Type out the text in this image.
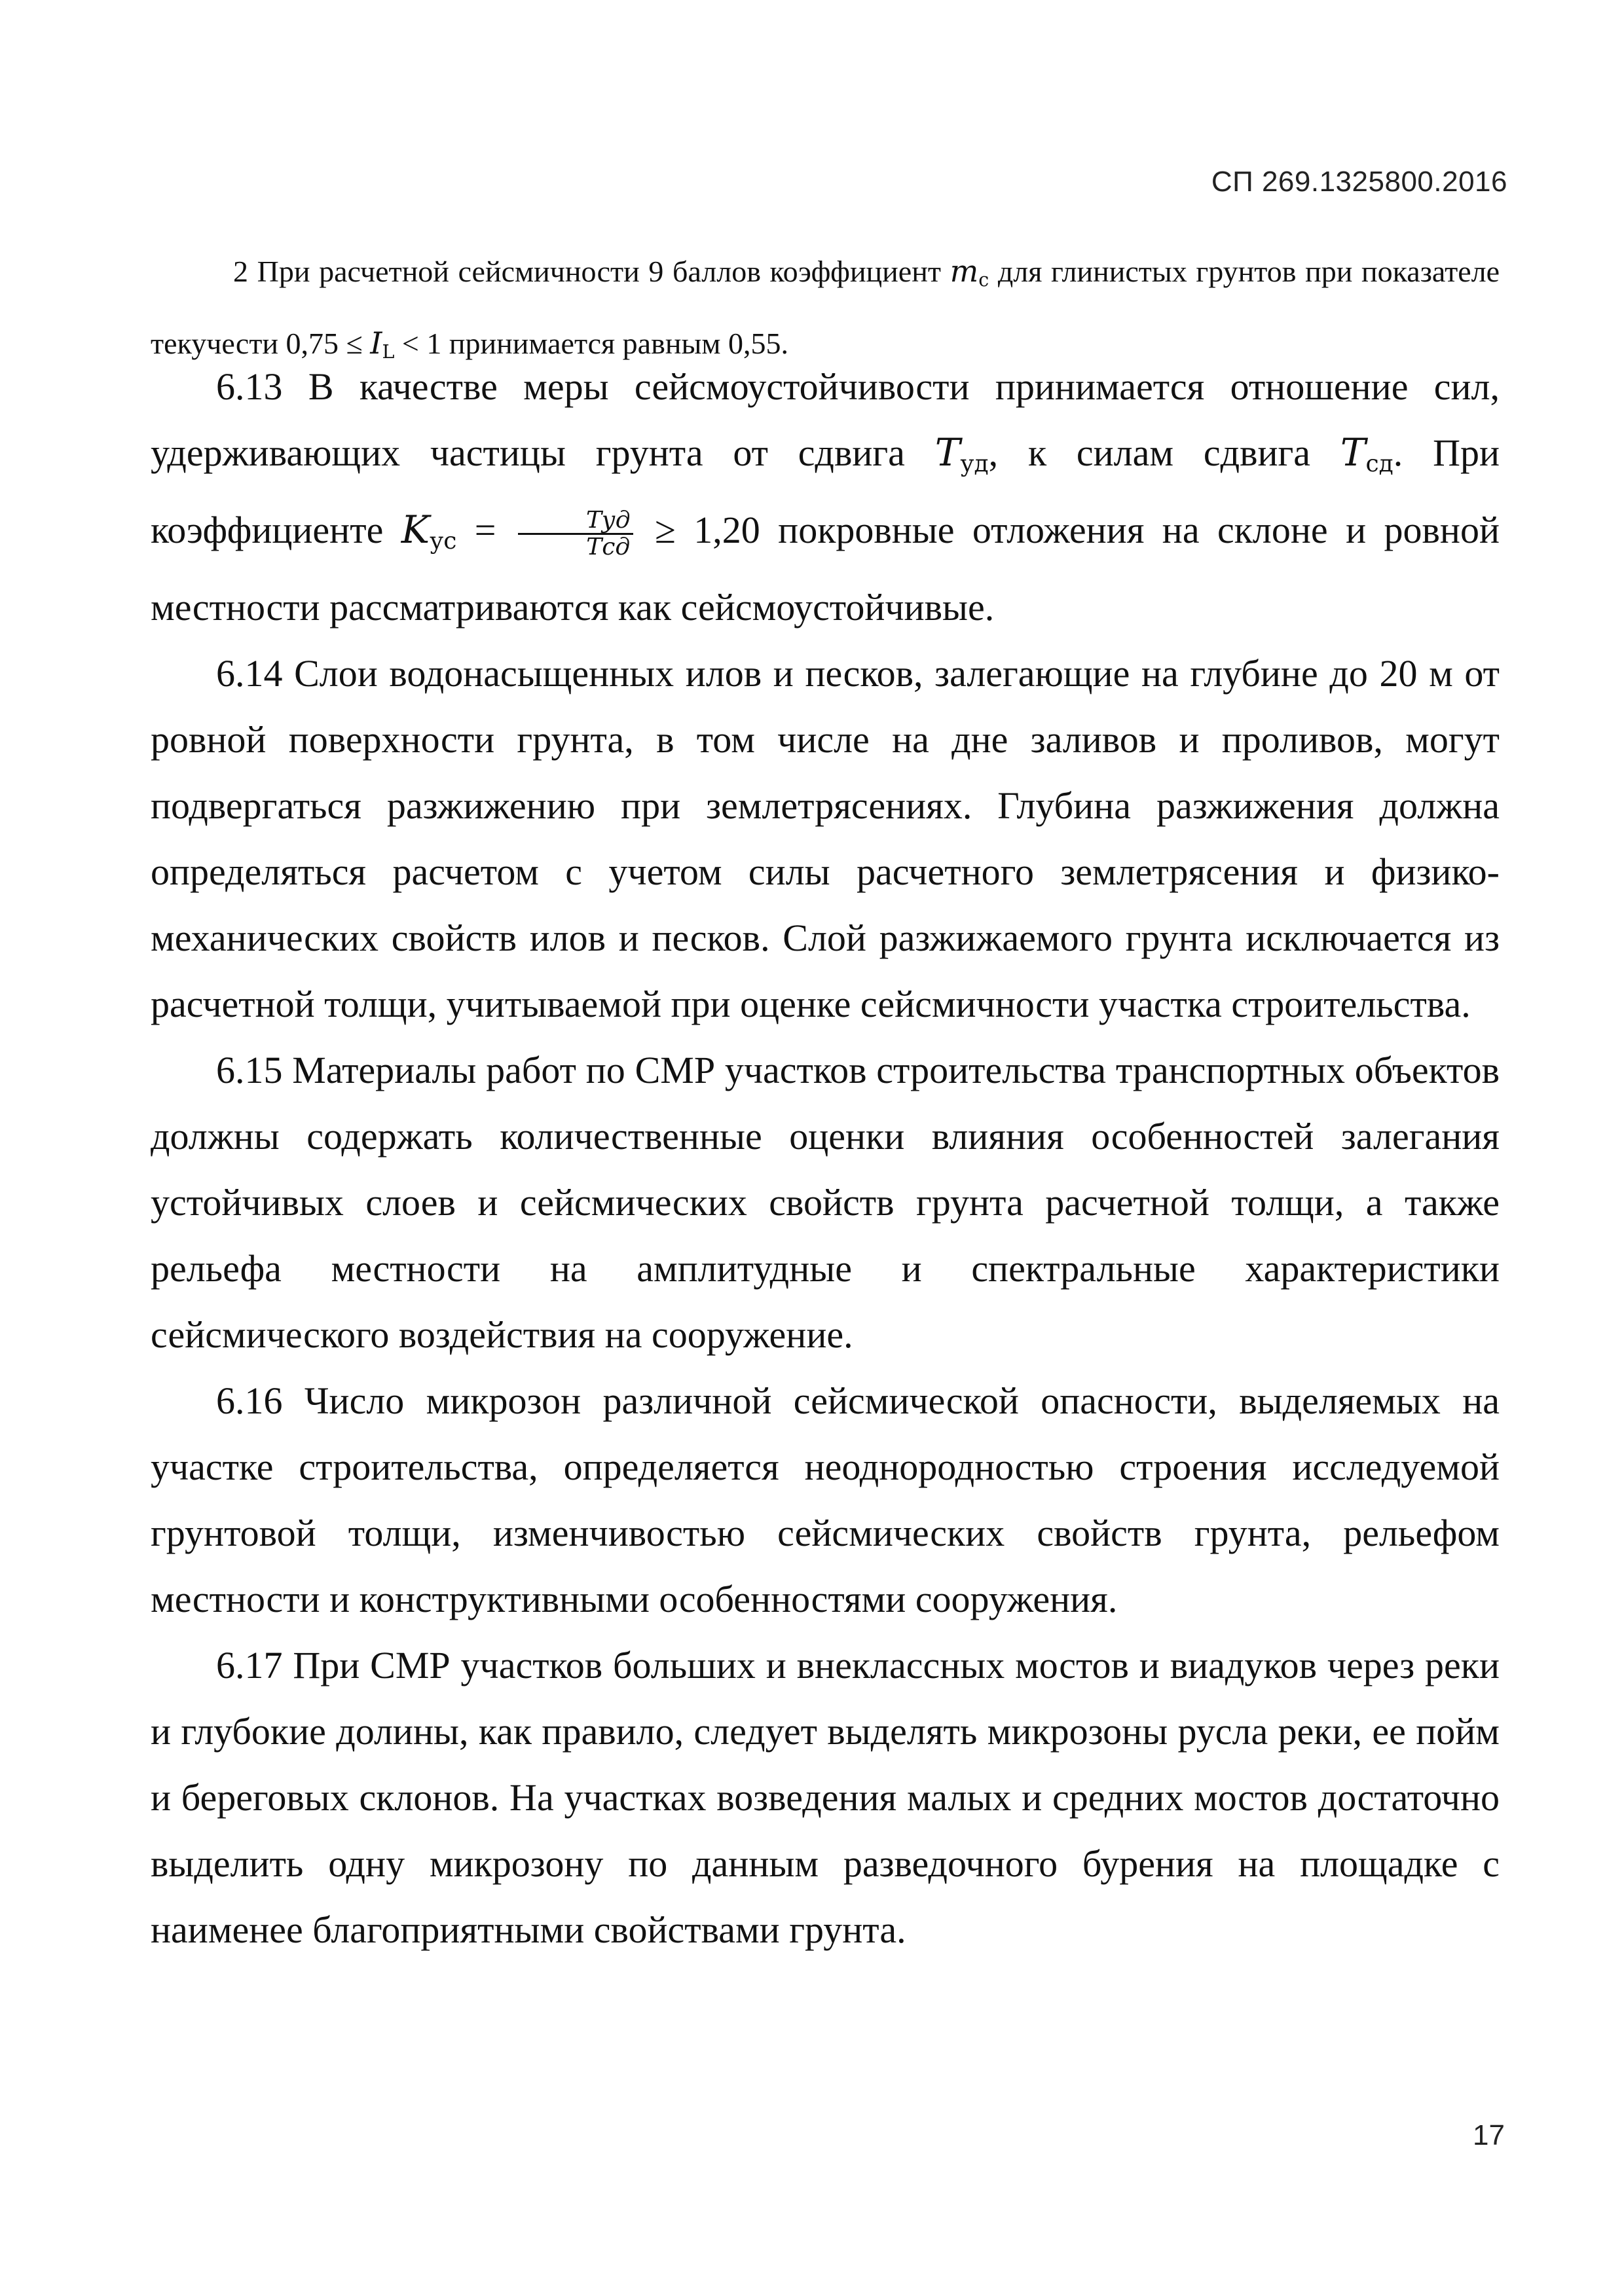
СП 269.1325800.2016
2 При расчетной сейсмичности 9 баллов коэффициент $m_c$ для глинистых грунтов при показателе текучести $0,75 \le I_L < 1$ принимается равным 0,55.

6.13 В качестве меры сейсмоустойчивости принимается отношение сил, удерживающих частицы грунта от сдвига $T_{уд}$, к силам сдвига $T_{сд}$. При коэффициенте $K_{ус} = \frac{\text{Tуд}}{\text{Tсд}} \ge 1,20$ покровные отложения на склоне и ровной местности рассматриваются как сейсмоустойчивые.

6.14 Слои водонасыщенных илов и песков, залегающие на глубине до 20 м от ровной поверхности грунта, в том числе на дне заливов и проливов, могут подвергаться разжижению при землетрясениях. Глубина разжижения должна определяться расчетом с учетом силы расчетного землетрясения и физико-механических свойств илов и песков. Слой разжижаемого грунта исключается из расчетной толщи, учитываемой при оценке сейсмичности участка строительства.

6.15 Материалы работ по СМР участков строительства транспортных объектов должны содержать количественные оценки влияния особенностей залегания устойчивых слоев и сейсмических свойств грунта расчетной толщи, а также рельефа местности на амплитудные и спектральные характеристики сейсмического воздействия на сооружение.

6.16 Число микрозон различной сейсмической опасности, выделяемых на участке строительства, определяется неоднородностью строения исследуемой грунтовой толщи, изменчивостью сейсмических свойств грунта, рельефом местности и конструктивными особенностями сооружения.

6.17 При СМР участков больших и внеклассных мостов и виадуков через реки и глубокие долины, как правило, следует выделять микрозоны русла реки, ее пойм и береговых склонов. На участках возведения малых и средних мостов достаточно выделить одну микрозону по данным разведочного бурения на площадке с наименее благоприятными свойствами грунта.

17
